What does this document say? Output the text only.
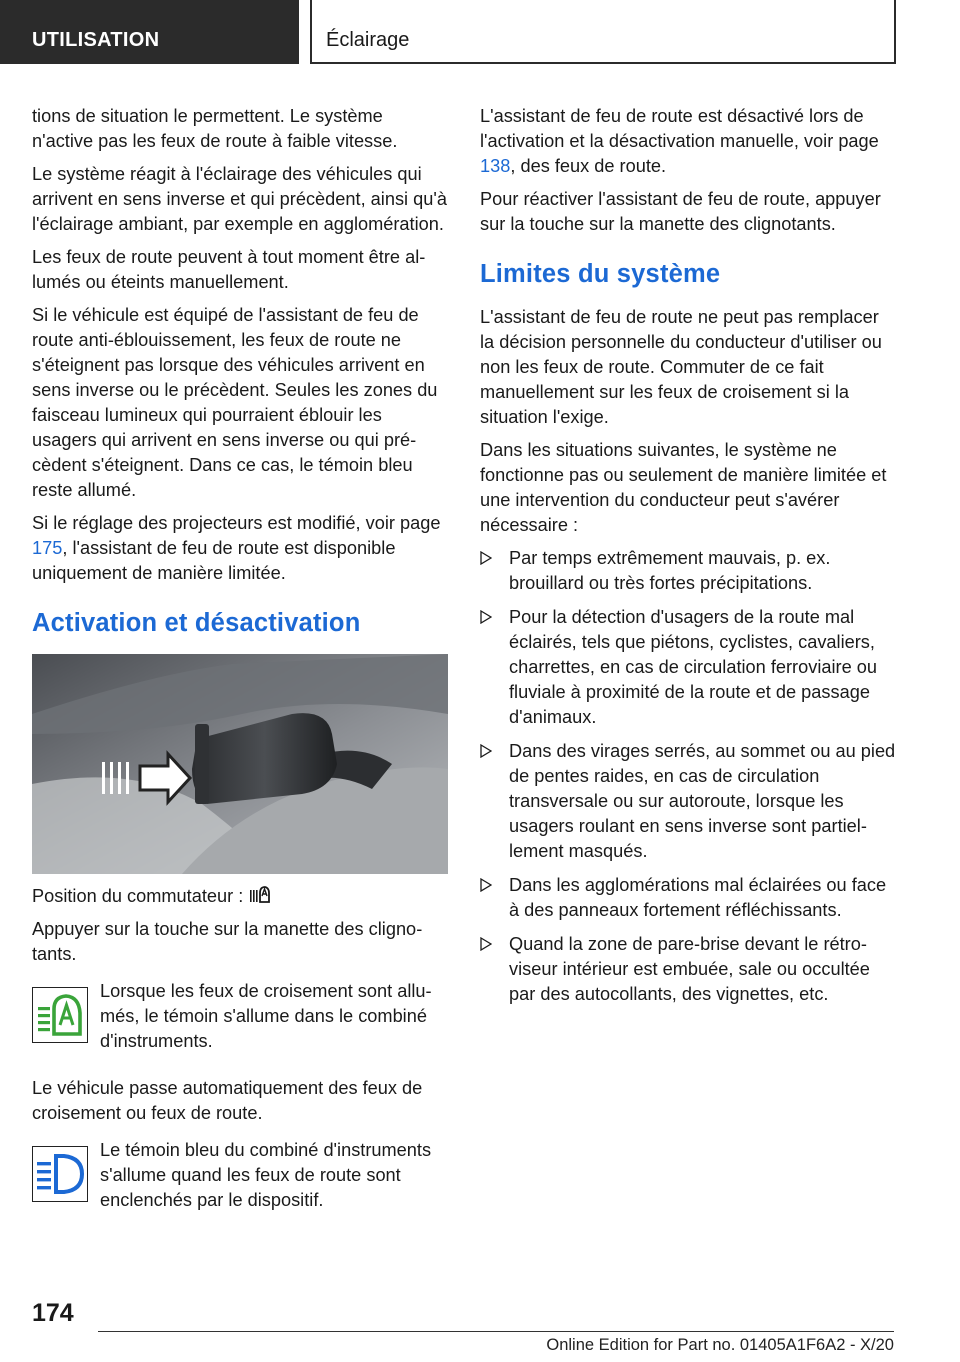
UTILISATION	Éclairage

tions de situation le permettent. Le système n'active pas les feux de route à faible vitesse.

Le système réagit à l'éclairage des véhicules qui arrivent en sens inverse et qui précèdent, ainsi qu'à l'éclairage ambiant, par exemple en agglomération.

Les feux de route peuvent à tout moment être allumés ou éteints manuellement.

Si le véhicule est équipé de l'assistant de feu de route anti-éblouissement, les feux de route ne s'éteignent pas lorsque des véhicules arrivent en sens inverse ou le précèdent. Seules les zones du faisceau lumineux qui pourraient éblouir les usagers qui arrivent en sens inverse ou qui précèdent s'éteignent. Dans ce cas, le témoin bleu reste allumé.

Si le réglage des projecteurs est modifié, voir page 175, l'assistant de feu de route est disponible uniquement de manière limitée.

Activation et désactivation

Position du commutateur :

Appuyer sur la touche sur la manette des clignotants.

Lorsque les feux de croisement sont allumés, le témoin s'allume dans le combiné d'instruments.

Le véhicule passe automatiquement des feux de croisement ou feux de route.

Le témoin bleu du combiné d'instruments s'allume quand les feux de route sont enclenchés par le dispositif.

L'assistant de feu de route est désactivé lors de l'activation et la désactivation manuelle, voir page 138, des feux de route.

Pour réactiver l'assistant de feu de route, appuyer sur la touche sur la manette des clignotants.

Limites du système

L'assistant de feu de route ne peut pas remplacer la décision personnelle du conducteur d'utiliser ou non les feux de route. Commuter de ce fait manuellement sur les feux de croisement si la situation l'exige.

Dans les situations suivantes, le système ne fonctionne pas ou seulement de manière limitée et une intervention du conducteur peut s'avérer nécessaire :

Par temps extrêmement mauvais, p. ex. brouillard ou très fortes précipitations.
Pour la détection d'usagers de la route mal éclairés, tels que piétons, cyclistes, cavaliers, charrettes, en cas de circulation ferroviaire ou fluviale à proximité de la route et de passage d'animaux.
Dans des virages serrés, au sommet ou au pied de pentes raides, en cas de circulation transversale ou sur autoroute, lorsque les usagers roulant en sens inverse sont partiellement masqués.
Dans les agglomérations mal éclairées ou face à des panneaux fortement réfléchissants.
Quand la zone de pare-brise devant le rétroviseur intérieur est embuée, sale ou occultée par des autocollants, des vignettes, etc.
174
Online Edition for Part no. 01405A1F6A2 - X/20
